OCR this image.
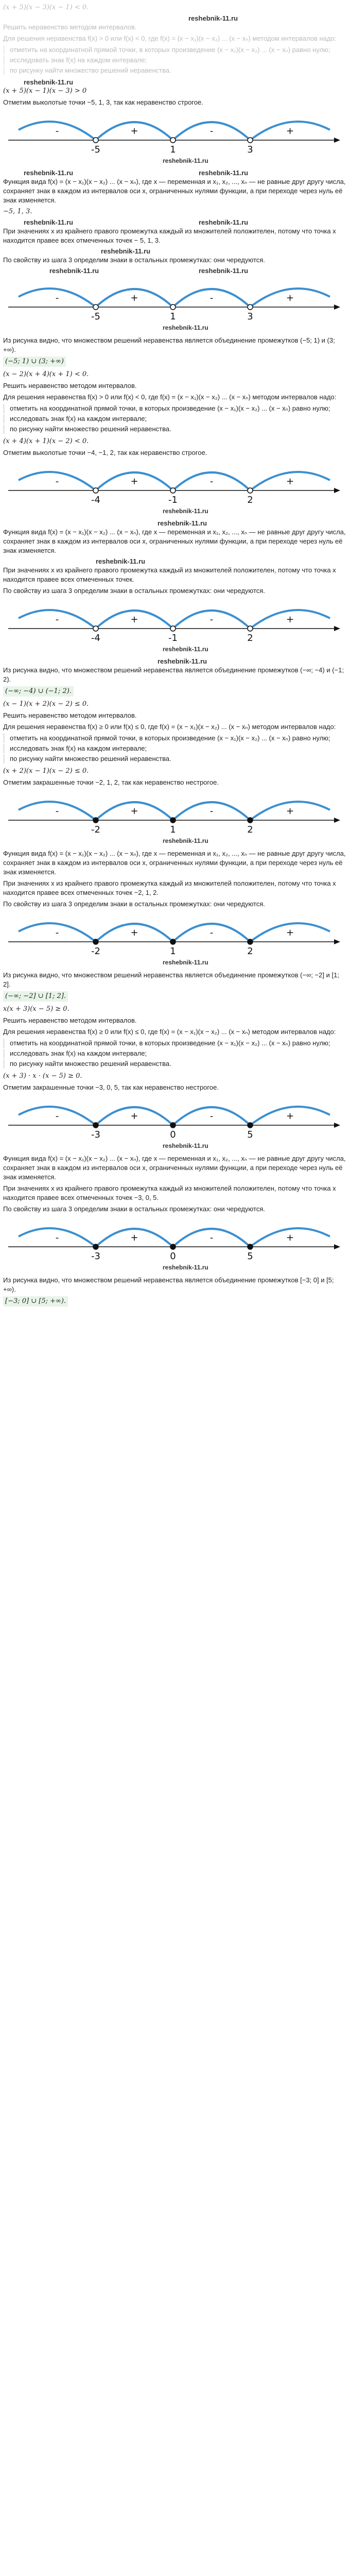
(x + 5)(x − 3)(x − 1) < 0.

reshebnik-11.ru

Решить неравенство методом интервалов.

Для решения неравенства f(x) > 0 или f(x) < 0, где f(x) = (x − x₁)(x − x₂) ... (x − xₙ) методом интервалов надо:

отметить на координатной прямой точки, в которых произведение (x − x₁)(x − x₂) ... (x − xₙ) равно нулю;
исследовать знак f(x) на каждом интервале;
по рисунку найти множество решений неравенства.
reshebnik-11.ru

(x + 5)(x − 1)(x − 3) > 0

Отметим выколотые точки −5, 1, 3, так как неравенство строгое.

-	+	-	+
-5	1	3
reshebnik-11.ru
reshebnik-11.ru	reshebnik-11.ru

Функция вида f(x) = (x − x₁)(x − x₂) ... (x − xₙ), где x — переменная и x₁, x₂, ..., xₙ — не равные друг другу числа, сохраняет знак в каждом из интервалов оси x, ограниченных нулями функции, а при переходе через нуль её знак изменяется.

−5, 1, 3.

reshebnik-11.ru	reshebnik-11.ru

При значениях x из крайнего правого промежутка каждый из множителей положителен, потому что точка x находится правее всех отмеченных точек − 5, 1, 3.

reshebnik-11.ru

По свойству из шага 3 определим знаки в остальных промежутках: они чередуются.

reshebnik-11.ru	reshebnik-11.ru
-	+	-	+
-5	1	3
reshebnik-11.ru

Из рисунка видно, что множеством решений неравенства является объединение промежутков (−5; 1) и (3; +∞).

(−5; 1) ∪ (3; +∞)

(x − 2)(x + 4)(x + 1) < 0.

Решить неравенство методом интервалов.

Для решения неравенства f(x) > 0 или f(x) < 0, где f(x) = (x − x₁)(x − x₂) ... (x − xₙ) методом интервалов надо:

отметить на координатной прямой точки, в которых произведение (x − x₁)(x − x₂) ... (x − xₙ) равно нулю;
исследовать знак f(x) на каждом интервале;
по рисунку найти множество решений неравенства.

(x + 4)(x + 1)(x − 2) < 0.

Отметим выколотые точки −4, −1, 2, так как неравенство строгое.

-	+	-	+
-4	-1	2
reshebnik-11.ru
reshebnik-11.ru

Функция вида f(x) = (x − x₁)(x − x₂) ... (x − xₙ), где x — переменная и x₁, x₂, ..., xₙ — не равные друг другу числа, сохраняет знак в каждом из интервалов оси x, ограниченных нулями функции, а при переходе через нуль её знак изменяется.

reshebnik-11.ru

При значениях x из крайнего правого промежутка каждый из множителей положителен, потому что точка x находится правее всех отмеченных точек.

По свойству из шага 3 определим знаки в остальных промежутках: они чередуются.

-	+	-	+
-4	-1	2
reshebnik-11.ru
reshebnik-11.ru

Из рисунка видно, что множеством решений неравенства является объединение промежутков (−∞; −4) и (−1; 2).

(−∞; −4) ∪ (−1; 2).

(x − 1)(x + 2)(x − 2) ≤ 0.

Решить неравенство методом интервалов.

Для решения неравенства f(x) ≥ 0 или f(x) ≤ 0, где f(x) = (x − x₁)(x − x₂) ... (x − xₙ) методом интервалов надо:

отметить на координатной прямой точки, в которых произведение (x − x₁)(x − x₂) ... (x − xₙ) равно нулю;
исследовать знак f(x) на каждом интервале;
по рисунку найти множество решений неравенства.

(x + 2)(x − 1)(x − 2) ≤ 0.

Отметим закрашенные точки −2, 1, 2, так как неравенство нестрогое.

-	+	-	+
-2	1	2
reshebnik-11.ru

Функция вида f(x) = (x − x₁)(x − x₂) ... (x − xₙ), где x — переменная и x₁, x₂, ..., xₙ — не равные друг другу числа, сохраняет знак в каждом из интервалов оси x, ограниченных нулями функции, а при переходе через нуль её знак изменяется.

При значениях x из крайнего правого промежутка каждый из множителей положителен, потому что точка x находится правее всех отмеченных точек −2, 1, 2.

По свойству из шага 3 определим знаки в остальных промежутках: они чередуются.

-	+	-	+
-2	1	2
reshebnik-11.ru

Из рисунка видно, что множеством решений неравенства является объединение промежутков (−∞; −2] и [1; 2].

(−∞; −2] ∪ [1; 2].

x(x + 3)(x − 5) ≥ 0.

Решить неравенство методом интервалов.

Для решения неравенства f(x) ≥ 0 или f(x) ≤ 0, где f(x) = (x − x₁)(x − x₂) ... (x − xₙ) методом интервалов надо:

отметить на координатной прямой точки, в которых произведение (x − x₁)(x − x₂) ... (x − xₙ) равно нулю;
исследовать знак f(x) на каждом интервале;
по рисунку найти множество решений неравенства.

(x + 3) · x · (x − 5) ≥ 0.

Отметим закрашенные точки −3, 0, 5, так как неравенство нестрогое.

-	+	-	+
-3	0	5
reshebnik-11.ru

Функция вида f(x) = (x − x₁)(x − x₂) ... (x − xₙ), где x — переменная и x₁, x₂, ..., xₙ — не равные друг другу числа, сохраняет знак в каждом из интервалов оси x, ограниченных нулями функции, а при переходе через нуль её знак изменяется.

При значениях x из крайнего правого промежутка каждый из множителей положителен, потому что точка x находится правее всех отмеченных точек −3, 0, 5.

По свойству из шага 3 определим знаки в остальных промежутках: они чередуются.

-	+	-	+
-3	0	5
reshebnik-11.ru

Из рисунка видно, что множеством решений неравенства является объединение промежутков [−3; 0] и [5; +∞).

[−3; 0] ∪ [5; +∞).
